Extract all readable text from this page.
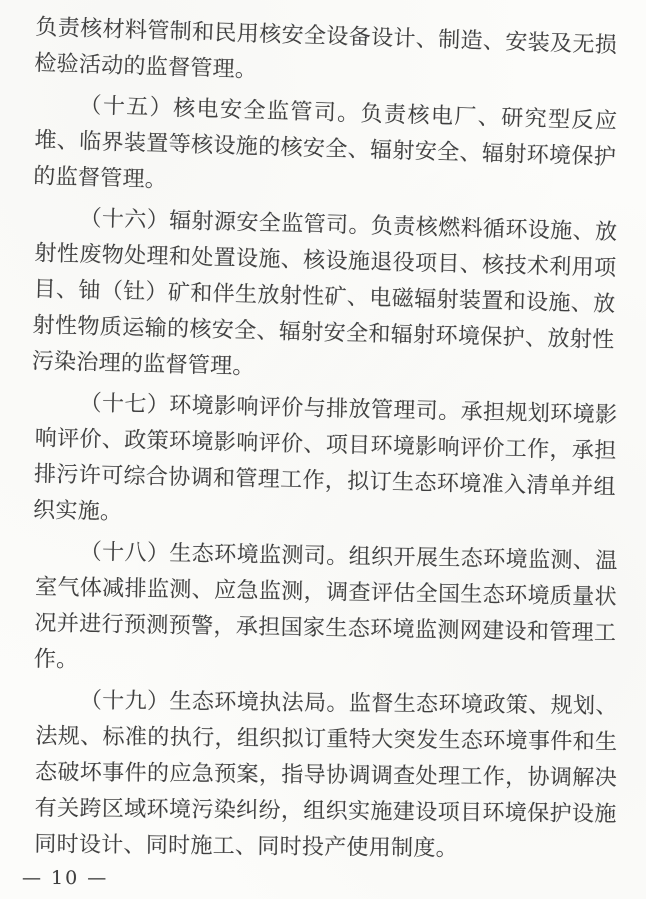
负责核材料管制和民用核安全设备设计、制造、安装及无损检验活动的监督管理。

（十五）核电安全监管司。负责核电厂、研究型反应堆、临界装置等核设施的核安全、辐射安全、辐射环境保护的监督管理。

（十六）辐射源安全监管司。负责核燃料循环设施、放射性废物处理和处置设施、核设施退役项目、核技术利用项目、铀（钍）矿和伴生放射性矿、电磁辐射装置和设施、放射性物质运输的核安全、辐射安全和辐射环境保护、放射性污染治理的监督管理。

（十七）环境影响评价与排放管理司。承担规划环境影响评价、政策环境影响评价、项目环境影响评价工作，承担排污许可综合协调和管理工作，拟订生态环境准入清单并组织实施。

（十八）生态环境监测司。组织开展生态环境监测、温室气体减排监测、应急监测，调查评估全国生态环境质量状况并进行预测预警，承担国家生态环境监测网建设和管理工作。

（十九）生态环境执法局。监督生态环境政策、规划、法规、标准的执行，组织拟订重特大突发生态环境事件和生态破坏事件的应急预案，指导协调调查处理工作，协调解决有关跨区域环境污染纠纷，组织实施建设项目环境保护设施同时设计、同时施工、同时投产使用制度。

— 10 —
